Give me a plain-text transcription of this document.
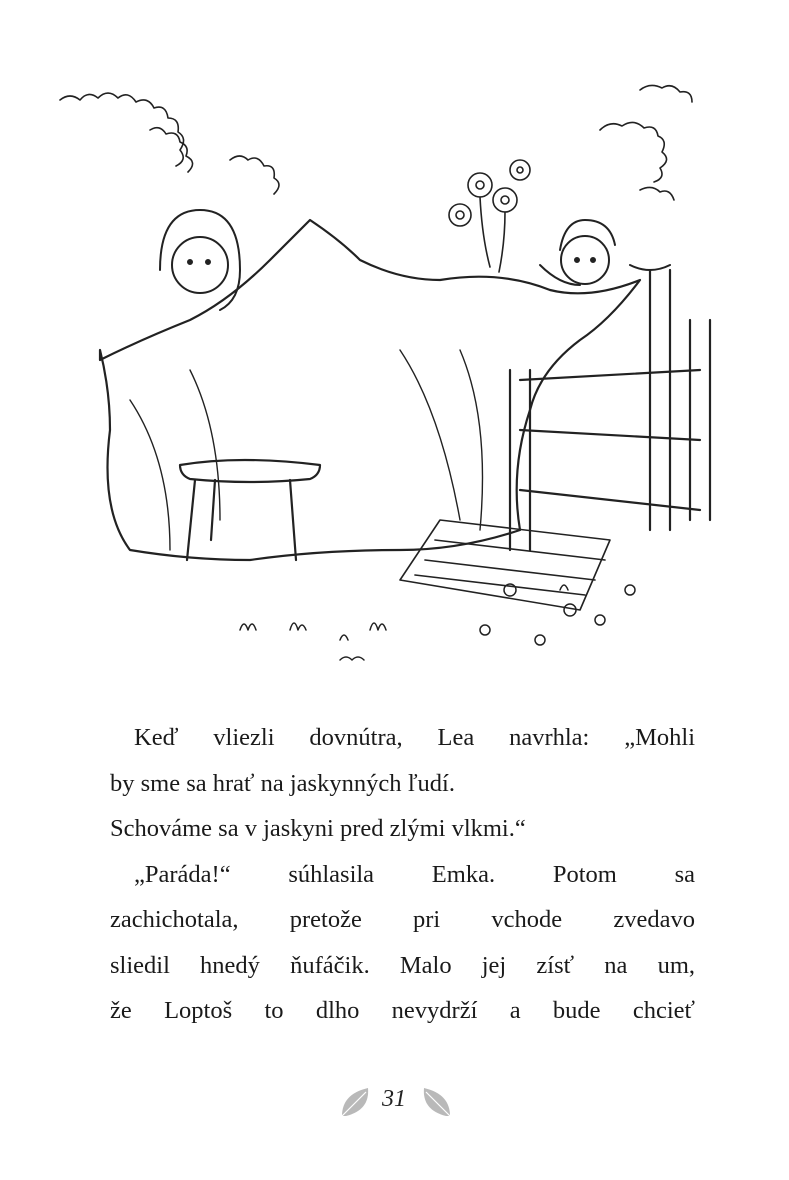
Keď vliezli dovnútra, Lea navrhla: „Mohli
by sme sa hrať na jaskynných ľudí.
Schováme sa v jaskyni pred zlými vlkmi.“
„Paráda!“ súhlasila Emka. Potom sa
zachichotala, pretože pri vchode zvedavo
sliedil hnedý ňufáčik. Malo jej zísť na um,
že Loptoš to dlho nevydrží a bude chcieť
31
